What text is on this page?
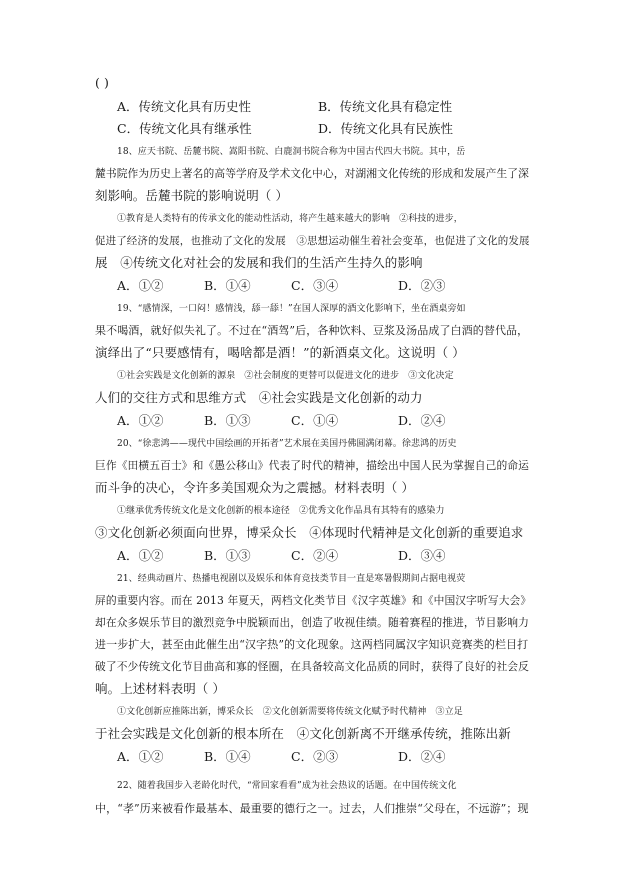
( )
A．传统文化具有历史性	B．传统文化具有稳定性
C．传统文化具有继承性	D．传统文化具有民族性
18、应天书院、岳麓书院、嵩阳书院、白鹿洞书院合称为中国古代四大书院。其中，岳
麓书院作为历史上著名的高等学府及学术文化中心，对湖湘文化传统的形成和发展产生了深
刻影响。岳麓书院的影响说明（ ）
①教育是人类特有的传承文化的能动性活动，将产生越来越大的影响　②科技的进步，
促进了经济的发展，也推动了文化的发展　③思想运动催生着社会变革，也促进了文化的发展
展　④传统文化对社会的发展和我们的生活产生持久的影响
A．①②	B．①④	C．③④	D．②③
19、“感情深，一口闷！感情浅，舔一舔！”在国人深厚的酒文化影响下，坐在酒桌旁如
果不喝酒，就好似失礼了。不过在“酒驾”后，各种饮料、豆浆及汤品成了白酒的替代品，
演绎出了“只要感情有，喝啥都是酒！”的新酒桌文化。这说明（ ）
①社会实践是文化创新的源泉　②社会制度的更替可以促进文化的进步　③文化决定
人们的交往方式和思维方式　④社会实践是文化创新的动力
A．①②	B．①③	C．①④	D．②④
20、“徐悲鸿——现代中国绘画的开拓者”艺术展在美国丹佛圆满闭幕。徐悲鸿的历史
巨作《田横五百士》和《愚公移山》代表了时代的精神，描绘出中国人民为掌握自己的命运
而斗争的决心，令许多美国观众为之震撼。材料表明（ ）
①继承优秀传统文化是文化创新的根本途径　②优秀文化作品具有其特有的感染力
③文化创新必须面向世界，博采众长　④体现时代精神是文化创新的重要追求
A．①②	B．①③	C．②④	D．③④
21、经典动画片、热播电视剧以及娱乐和体育竞技类节目一直是寒暑假期间占据电视荧
屏的重要内容。而在 2013 年夏天，两档文化类节目《汉字英雄》和《中国汉字听写大会》
却在众多娱乐节目的激烈竞争中脱颖而出，创造了收视佳绩。随着赛程的推进，节目影响力
进一步扩大，甚至由此催生出“汉字热”的文化现象。这两档同属汉字知识竞赛类的栏目打
破了不少传统文化节目曲高和寡的怪圈，在具备较高文化品质的同时，获得了良好的社会反
响。上述材料表明（ ）
①文化创新应推陈出新，博采众长　②文化创新需要将传统文化赋予时代精神　③立足
于社会实践是文化创新的根本所在　④文化创新离不开继承传统，推陈出新
A．①②	B．①④	C．②③	D．②④
22、随着我国步入老龄化时代，“常回家看看”成为社会热议的话题。在中国传统文化
中，“孝”历来被看作最基本、最重要的德行之一。过去，人们推崇“父母在，不远游”；现
